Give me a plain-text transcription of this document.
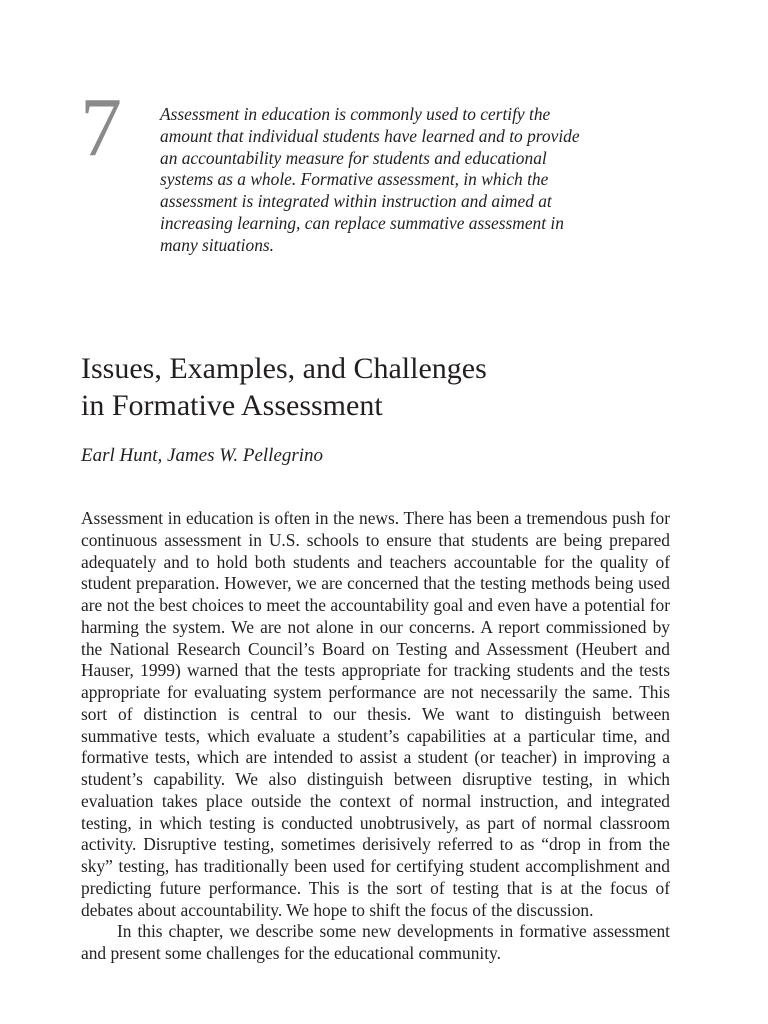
7 Assessment in education is commonly used to certify the amount that individual students have learned and to provide an accountability measure for students and educational systems as a whole. Formative assessment, in which the assessment is integrated within instruction and aimed at increasing learning, can replace summative assessment in many situations.

Issues, Examples, and Challenges
in Formative Assessment

Earl Hunt, James W. Pellegrino

Assessment in education is often in the news. There has been a tremendous push for continuous assessment in U.S. schools to ensure that students are being prepared adequately and to hold both students and teachers accountable for the quality of student preparation. However, we are concerned that the testing methods being used are not the best choices to meet the accountability goal and even have a potential for harming the system. We are not alone in our concerns. A report commissioned by the National Research Council’s Board on Testing and Assessment (Heubert and Hauser, 1999) warned that the tests appropriate for tracking students and the tests appropriate for evaluating system performance are not necessarily the same. This sort of distinction is central to our thesis. We want to distinguish between summative tests, which evaluate a student’s capabilities at a particular time, and formative tests, which are intended to assist a student (or teacher) in improving a student’s capability. We also distinguish between disruptive testing, in which evaluation takes place outside the context of normal instruction, and integrated testing, in which testing is conducted unobtrusively, as part of normal classroom activity. Disruptive testing, sometimes derisively referred to as “drop in from the sky” testing, has traditionally been used for certifying student accomplishment and predicting future performance. This is the sort of testing that is at the focus of debates about accountability. We hope to shift the focus of the discussion.

In this chapter, we describe some new developments in formative assessment and present some challenges for the educational community.
